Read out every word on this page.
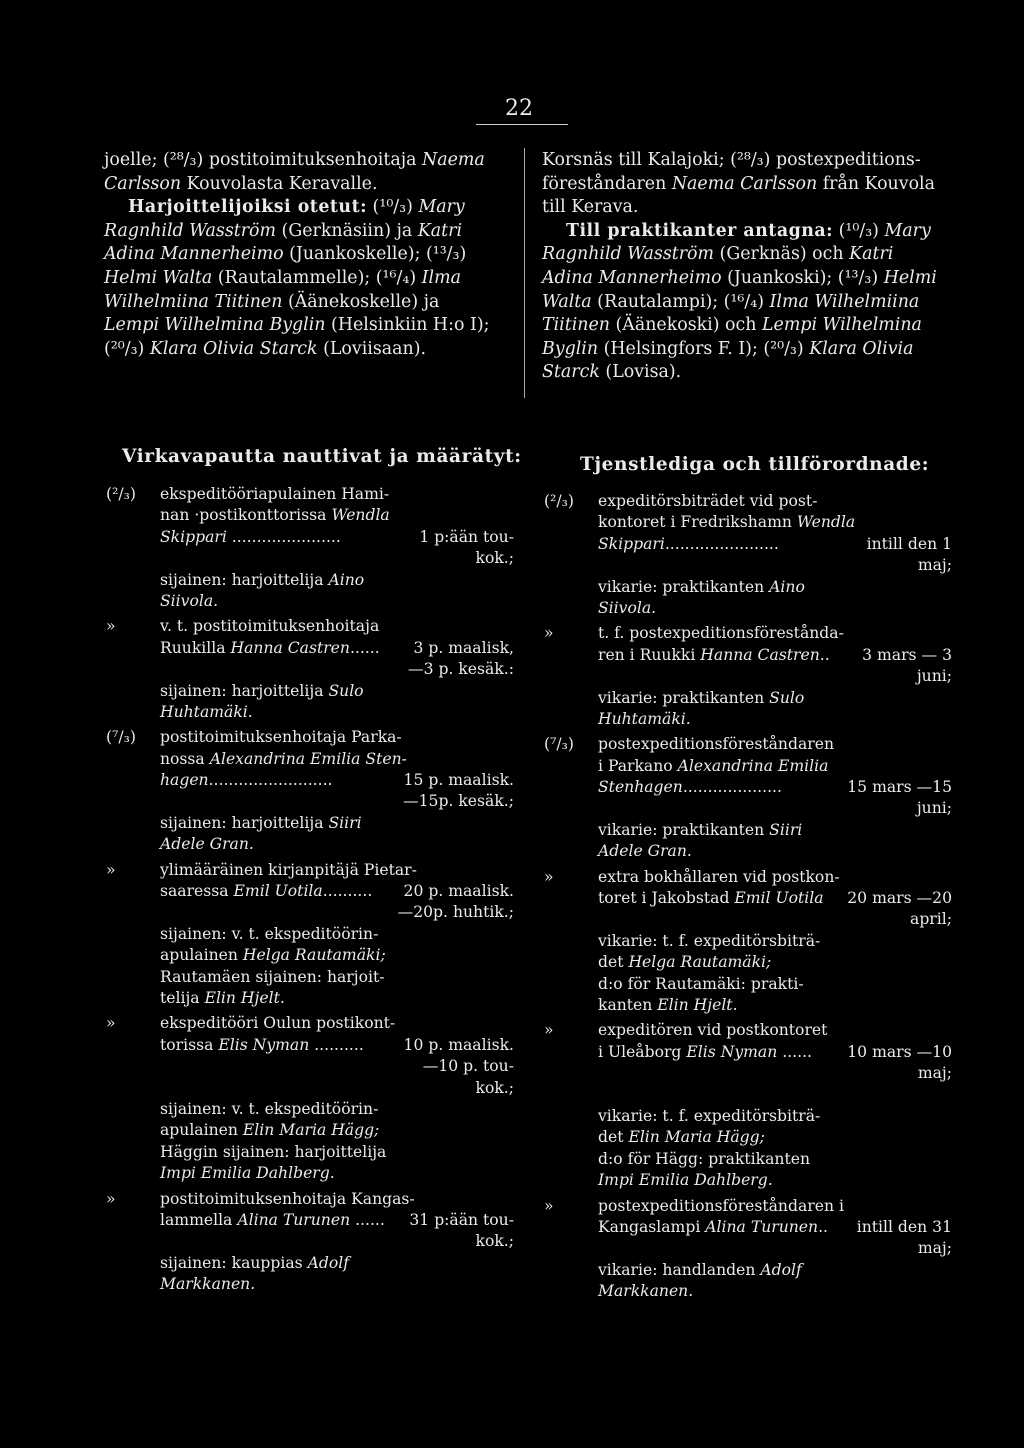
22
joelle; (²⁸/₃) postitoimituksenhoitaja Naema
Carlsson Kouvolasta Keravalle.
Harjoittelijoiksi otetut: (¹⁰/₃) Mary
Ragnhild Wasström (Gerknäsiin) ja Katri
Adina Mannerheimo (Juankoskelle); (¹³/₃)
Helmi Walta (Rautalammelle); (¹⁶/₄) Ilma
Wilhelmiina Tiitinen (Äänekoskelle) ja
Lempi Wilhelmina Byglin (Helsinkiin H:o I);
(²⁰/₃) Klara Olivia Starck (Loviisaan).
Korsnäs till Kalajoki; (²⁸/₃) postexpeditions-
föreståndaren Naema Carlsson från Kouvola
till Kerava.
Till praktikanter antagna: (¹⁰/₃) Mary
Ragnhild Wasström (Gerknäs) och Katri
Adina Mannerheimo (Juankoski); (¹³/₃) Helmi
Walta (Rautalampi); (¹⁶/₄) Ilma Wilhelmiina
Tiitinen (Äänekoski) och Lempi Wilhelmina
Byglin (Helsingfors F. I); (²⁰/₃) Klara Olivia
Starck (Lovisa).
Virkavapautta nauttivat ja määrätyt:	Tjenstlediga och tillförordnade:
(²/₃) ekspeditööriapulainen Hami-
nan ·postikonttorissa Wendla
Skippari ......................	1 p:ään tou-
kok.;
sijainen: harjoittelija Aino
Siivola.
»	v. t. postitoimituksenhoitaja
Ruukilla Hanna Castren...... 3 p. maalisk,
—3 p. kesäk.:
sijainen: harjoittelija Sulo
Huhtamäki.
(⁷/₃) postitoimituksenhoitaja Parka-
nossa Alexandrina Emilia Sten-
hagen.........................	15 p. maalisk.
—15p. kesäk.;
sijainen: harjoittelija Siiri
Adele Gran.
»	ylimääräinen kirjanpitäjä Pietar-
saaressa Emil Uotila.......... 20 p. maalisk.
—20p. huhtik.;
sijainen: v. t. ekspeditöörin-
apulainen Helga Rautamäki;
Rautamäen sijainen: harjoit-
telija Elin Hjelt.
»	ekspeditööri Oulun postikont-
torissa Elis Nyman ..........	10 p. maalisk.
—10 p. tou-
kok.;
sijainen: v. t. ekspeditöörin-
apulainen Elin Maria Hägg;
Häggin sijainen: harjoittelija
Impi Emilia Dahlberg.
»	postitoimituksenhoitaja Kangas-
lammella Alina Turunen ...... 31 p:ään tou-
kok.;
sijainen: kauppias Adolf
Markkanen.
(²/₃) expeditörsbiträdet vid post-
kontoret i Fredrikshamn Wendla
Skippari.......................	intill den 1
maj;
vikarie: praktikanten Aino
Siivola.
»	t. f. postexpeditionsförestånda-
ren i Ruukki Hanna Castren.. 3 mars — 3
juni;
vikarie: praktikanten Sulo
Huhtamäki.
(⁷/₃) postexpeditionsföreståndaren
i Parkano Alexandrina Emilia
Stenhagen....................	15 mars —15
juni;
vikarie: praktikanten Siiri
Adele Gran.
»	extra bokhållaren vid postkon-
toret i Jakobstad Emil Uotila 20 mars —20
april;
vikarie: t. f. expeditörsbiträ-
det Helga Rautamäki;
d:o för Rautamäki: prakti-
kanten Elin Hjelt.
»	expeditören vid postkontoret
i Uleåborg Elis Nyman ...... 10 mars —10
maj;
vikarie: t. f. expeditörsbiträ-
det Elin Maria Hägg;
d:o för Hägg: praktikanten
Impi Emilia Dahlberg.
»	postexpeditionsföreståndaren i
Kangaslampi Alina Turunen.. intill den 31
maj;
vikarie: handlanden Adolf
Markkanen.
